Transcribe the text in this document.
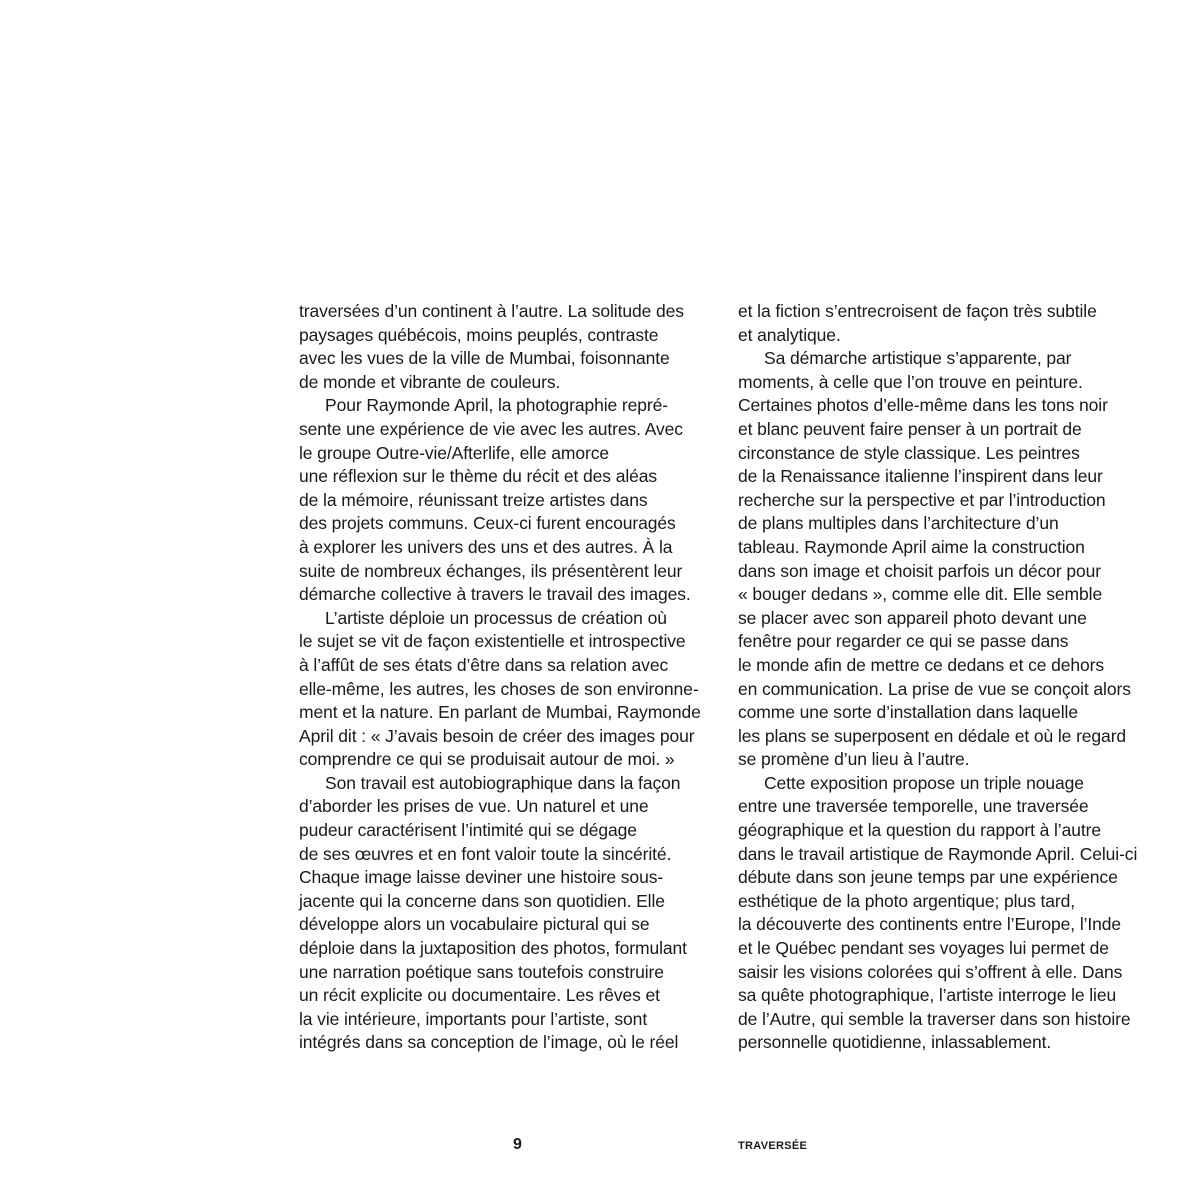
traversées d’un continent à l’autre. La solitude des
paysages québécois, moins peuplés, contraste
avec les vues de la ville de Mumbai, foisonnante
de monde et vibrante de couleurs.
Pour Raymonde April, la photographie repré-
sente une expérience de vie avec les autres. Avec
le groupe Outre-vie/Afterlife, elle amorce
une réflexion sur le thème du récit et des aléas
de la mémoire, réunissant treize artistes dans
des projets communs. Ceux-ci furent encouragés
à explorer les univers des uns et des autres. À la
suite de nombreux échanges, ils présentèrent leur
démarche collective à travers le travail des images.
L’artiste déploie un processus de création où
le sujet se vit de façon existentielle et introspective
à l’affût de ses états d’être dans sa relation avec
elle-même, les autres, les choses de son environne-
ment et la nature. En parlant de Mumbai, Raymonde
April dit : « J’avais besoin de créer des images pour
comprendre ce qui se produisait autour de moi. »
Son travail est autobiographique dans la façon
d’aborder les prises de vue. Un naturel et une
pudeur caractérisent l’intimité qui se dégage
de ses œuvres et en font valoir toute la sincérité.
Chaque image laisse deviner une histoire sous-
jacente qui la concerne dans son quotidien. Elle
développe alors un vocabulaire pictural qui se
déploie dans la juxtaposition des photos, formulant
une narration poétique sans toutefois construire
un récit explicite ou documentaire. Les rêves et
la vie intérieure, importants pour l’artiste, sont
intégrés dans sa conception de l’image, où le réel
et la fiction s’entrecroisent de façon très subtile
et analytique.
Sa démarche artistique s’apparente, par
moments, à celle que l’on trouve en peinture.
Certaines photos d’elle-même dans les tons noir
et blanc peuvent faire penser à un portrait de
circonstance de style classique. Les peintres
de la Renaissance italienne l’inspirent dans leur
recherche sur la perspective et par l’introduction
de plans multiples dans l’architecture d’un
tableau. Raymonde April aime la construction
dans son image et choisit parfois un décor pour
« bouger dedans », comme elle dit. Elle semble
se placer avec son appareil photo devant une
fenêtre pour regarder ce qui se passe dans
le monde afin de mettre ce dedans et ce dehors
en communication. La prise de vue se conçoit alors
comme une sorte d’installation dans laquelle
les plans se superposent en dédale et où le regard
se promène d’un lieu à l’autre.
Cette exposition propose un triple nouage
entre une traversée temporelle, une traversée
géographique et la question du rapport à l’autre
dans le travail artistique de Raymonde April. Celui-ci
débute dans son jeune temps par une expérience
esthétique de la photo argentique; plus tard,
la découverte des continents entre l’Europe, l’Inde
et le Québec pendant ses voyages lui permet de
saisir les visions colorées qui s’offrent à elle. Dans
sa quête photographique, l’artiste interroge le lieu
de l’Autre, qui semble la traverser dans son histoire
personnelle quotidienne, inlassablement.
9	TRAVERSÉE
